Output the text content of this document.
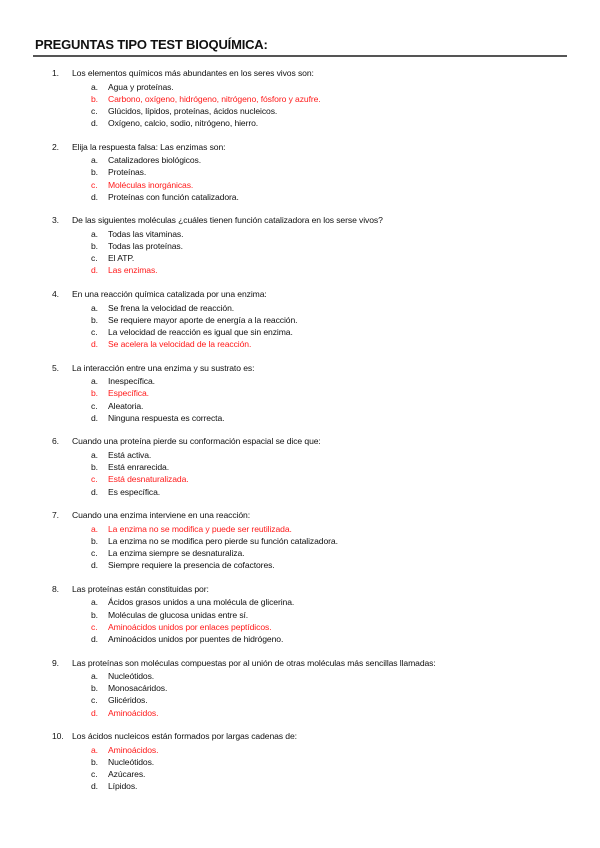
PREGUNTAS TIPO TEST BIOQUÍMICA:
1. Los elementos químicos más abundantes en los seres vivos son:
a. Agua y proteínas.
b. Carbono, oxígeno, hidrógeno, nitrógeno, fósforo y azufre.
c. Glúcidos, lípidos, proteínas, ácidos nucleicos.
d. Oxígeno, calcio, sodio, nitrógeno, hierro.
2. Elija la respuesta falsa: Las enzimas son:
a. Catalizadores biológicos.
b. Proteínas.
c. Moléculas inorgánicas.
d. Proteínas con función catalizadora.
3. De las siguientes moléculas ¿cuáles tienen función catalizadora en los serse vivos?
a. Todas las vitaminas.
b. Todas las proteínas.
c. El ATP.
d. Las enzimas.
4. En una reacción química catalizada por una enzima:
a. Se frena la velocidad de reacción.
b. Se requiere mayor aporte de energía a la reacción.
c. La velocidad de reacción es igual que sin enzima.
d. Se acelera la velocidad de la reacción.
5. La interacción entre una enzima y su sustrato es:
a. Inespecífica.
b. Específica.
c. Aleatoria.
d. Ninguna respuesta es correcta.
6. Cuando una proteína pierde su conformación espacial se dice que:
a. Está activa.
b. Está enrarecida.
c. Está desnaturalizada.
d. Es específica.
7. Cuando una enzima interviene en una reacción:
a. La enzima no se modifica y puede ser reutilizada.
b. La enzima no se modifica pero pierde su función catalizadora.
c. La enzima siempre se desnaturaliza.
d. Siempre requiere la presencia de cofactores.
8. Las proteínas están constituidas por:
a. Ácidos grasos unidos a una molécula de glicerina.
b. Moléculas de glucosa unidas entre sí.
c. Aminoácidos unidos por enlaces peptídicos.
d. Aminoácidos unidos por puentes de hidrógeno.
9. Las proteínas son moléculas compuestas por al unión de otras moléculas más sencillas llamadas:
a. Nucleótidos.
b. Monosacáridos.
c. Glicéridos.
d. Aminoácidos.
10. Los ácidos nucleicos están formados por largas cadenas de:
a. Aminoácidos.
b. Nucleótidos.
c. Azúcares.
d. Lípidos.
